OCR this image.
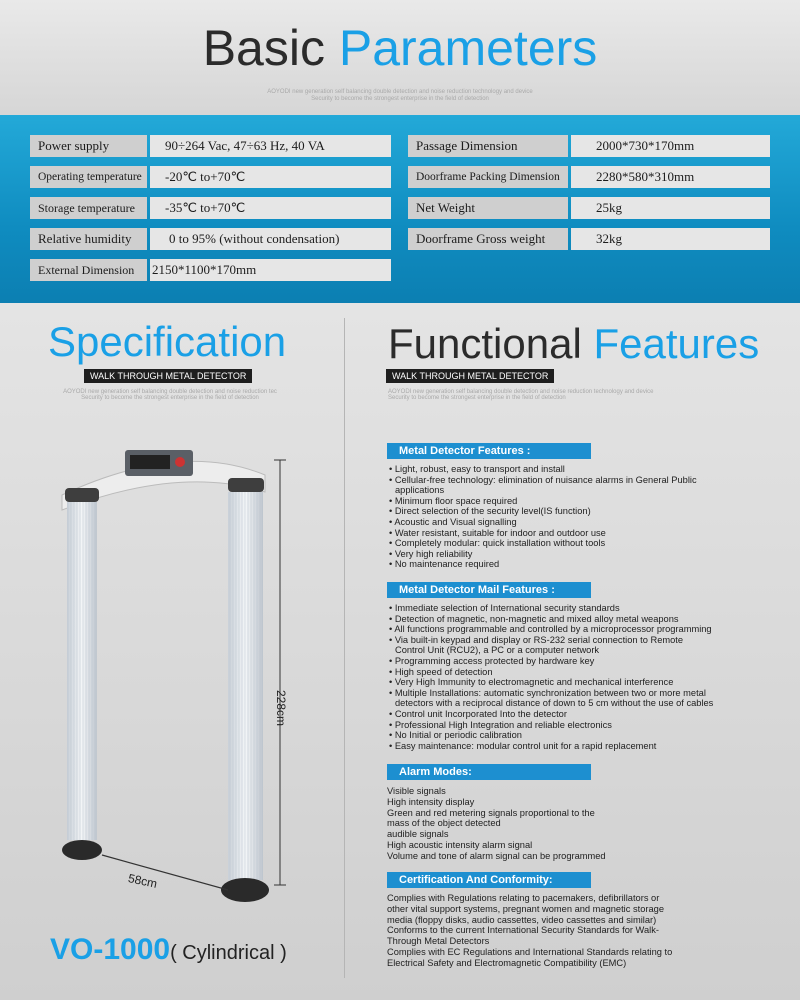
Basic Parameters
AOYODI new generation self balancing double detection and noise reduction technology and device
Security to become the strongest enterprise in the field of detection
Power supply	90÷264 Vac, 47÷63 Hz, 40 VA
Operating temperature	-20℃ to+70℃
Storage temperature	-35℃ to+70℃
Relative humidity	0 to 95% (without condensation)
External Dimension	2150*1100*170mm
Passage Dimension	2000*730*170mm
Doorframe Packing Dimension	2280*580*310mm
Net Weight	25kg
Doorframe Gross weight	32kg
Specification
WALK THROUGH METAL DETECTOR
AOYODI new generation self balancing double detection and noise reduction tec
Security to become the strongest enterprise in the field of detection
228cm
58cm
VO-1000( Cylindrical )
Functional Features
WALK THROUGH METAL DETECTOR
AOYODI new generation self balancing double detection and noise reduction technology and device
Security to become the strongest enterprise in the field of detection
Metal Detector Features :
• Light, robust, easy to transport and install
• Cellular-free technology: elimination of nuisance alarms in General Public applications
• Minimum floor space required
• Direct selection of the security level(IS function)
• Acoustic and Visual signalling
• Water resistant, suitable for indoor and outdoor use
• Completely modular: quick installation without tools
• Very high reliability
• No maintenance required
Metal Detector Mail Features :
• Immediate selection of International security standards
• Detection of magnetic, non-magnetic and mixed alloy metal weapons
• All functions programmable and controlled by a microprocessor programming
• Via built-in keypad and display or RS-232 serial connection to Remote Control Unit (RCU2), a PC or a computer network
• Programming access protected by hardware key
• High speed of detection
• Very High Immunity to electromagnetic and mechanical interference
• Multiple Installations: automatic synchronization between two or more metal detectors with a reciprocal distance of down to 5 cm without the use of cables
• Control unit Incorporated Into the detector
• Professional High Integration and reliable electronics
• No Initial or periodic calibration
• Easy maintenance: modular control unit for a rapid replacement
Alarm Modes:
Visible signals
High intensity display
Green and red metering signals proportional to the mass of the object detected
audible signals
High acoustic intensity alarm signal
Volume and tone of alarm signal can be programmed
Certification And Conformity:
Complies with Regulations relating to pacemakers, defibrillators or other vital support systems, pregnant women and magnetic storage media (floppy disks, audio cassettes, video cassettes and similar)
Conforms to the current International Security Standards for Walk-Through Metal Detectors
Complies with EC Regulations and International Standards relating to Electrical Safety and Electromagnetic Compatibility (EMC)
